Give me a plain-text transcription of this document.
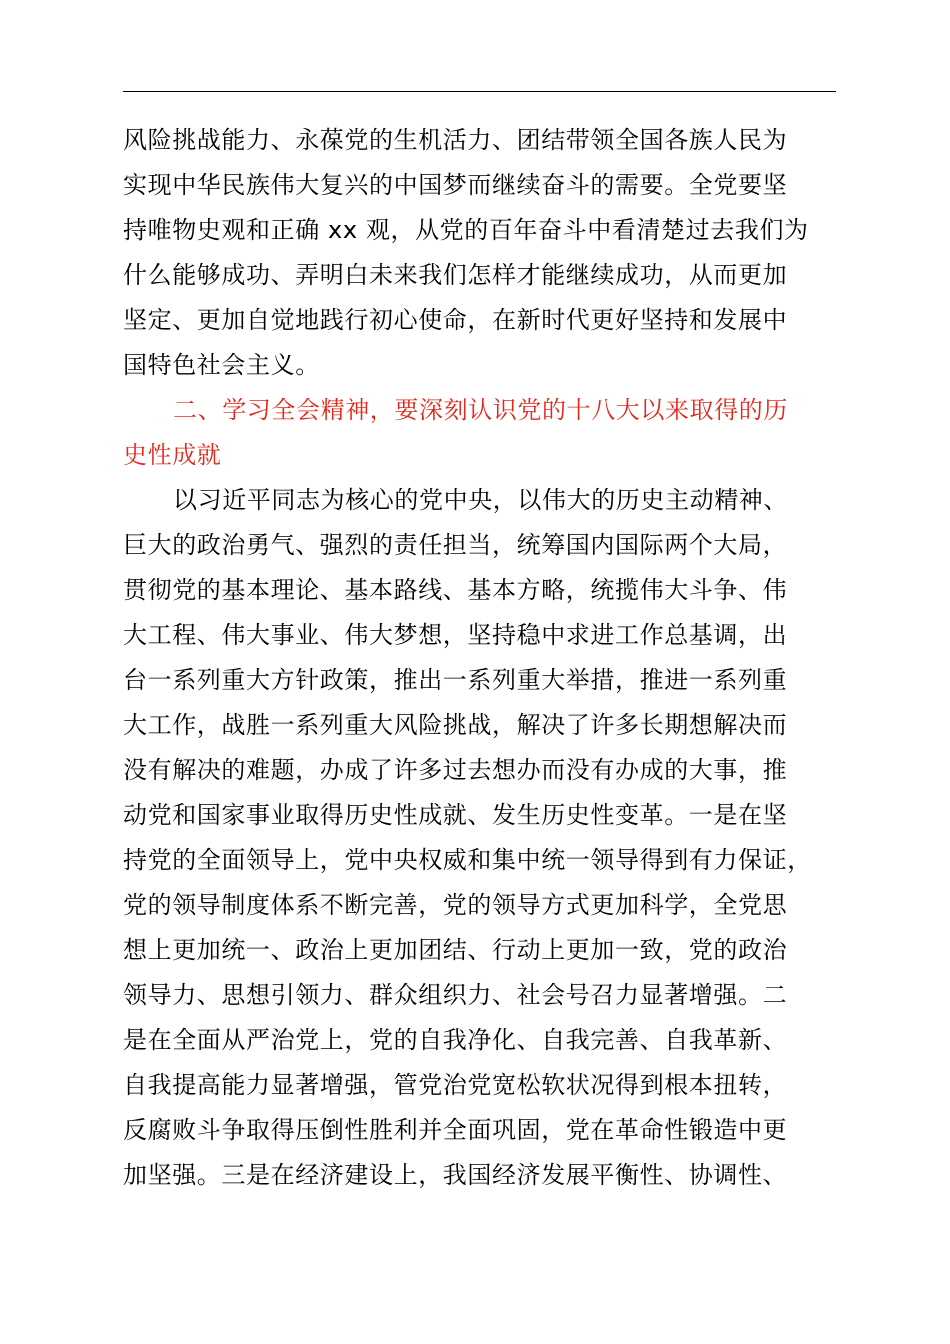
风险挑战能力、永葆党的生机活力、团结带领全国各族人民为
实现中华民族伟大复兴的中国梦而继续奋斗的需要。全党要坚
持唯物史观和正确 xx 观，从党的百年奋斗中看清楚过去我们为
什么能够成功、弄明白未来我们怎样才能继续成功，从而更加
坚定、更加自觉地践行初心使命，在新时代更好坚持和发展中
国特色社会主义。
二、学习全会精神，要深刻认识党的十八大以来取得的历
史性成就
以习近平同志为核心的党中央，以伟大的历史主动精神、
巨大的政治勇气、强烈的责任担当，统筹国内国际两个大局，
贯彻党的基本理论、基本路线、基本方略，统揽伟大斗争、伟
大工程、伟大事业、伟大梦想，坚持稳中求进工作总基调，出
台一系列重大方针政策，推出一系列重大举措，推进一系列重
大工作，战胜一系列重大风险挑战，解决了许多长期想解决而
没有解决的难题，办成了许多过去想办而没有办成的大事，推
动党和国家事业取得历史性成就、发生历史性变革。一是在坚
持党的全面领导上，党中央权威和集中统一领导得到有力保证，
党的领导制度体系不断完善，党的领导方式更加科学，全党思
想上更加统一、政治上更加团结、行动上更加一致，党的政治
领导力、思想引领力、群众组织力、社会号召力显著增强。二
是在全面从严治党上，党的自我净化、自我完善、自我革新、
自我提高能力显著增强，管党治党宽松软状况得到根本扭转，
反腐败斗争取得压倒性胜利并全面巩固，党在革命性锻造中更
加坚强。三是在经济建设上，我国经济发展平衡性、协调性、
